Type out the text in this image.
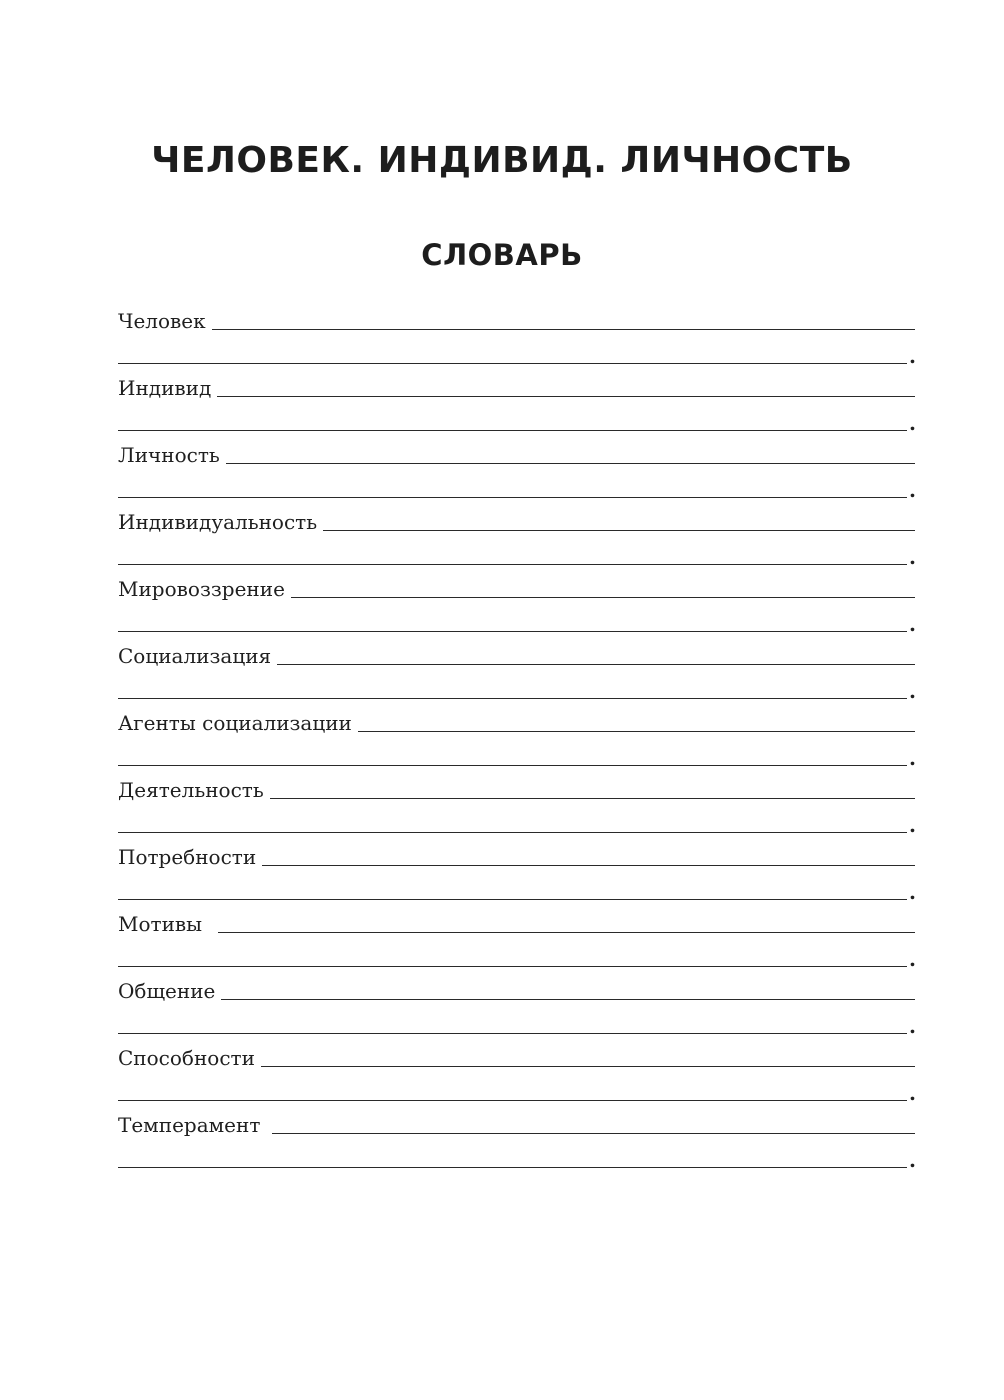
ЧЕЛОВЕК. ИНДИВИД. ЛИЧНОСТЬ
СЛОВАРЬ
Человек
.
Индивид
.
Личность
.
Индивидуальность
.
Мировоззрение
.
Социализация
.
Агенты социализации
.
Деятельность
.
Потребности
.
Мотивы
.
Общение
.
Способности
.
Темперамент
.
